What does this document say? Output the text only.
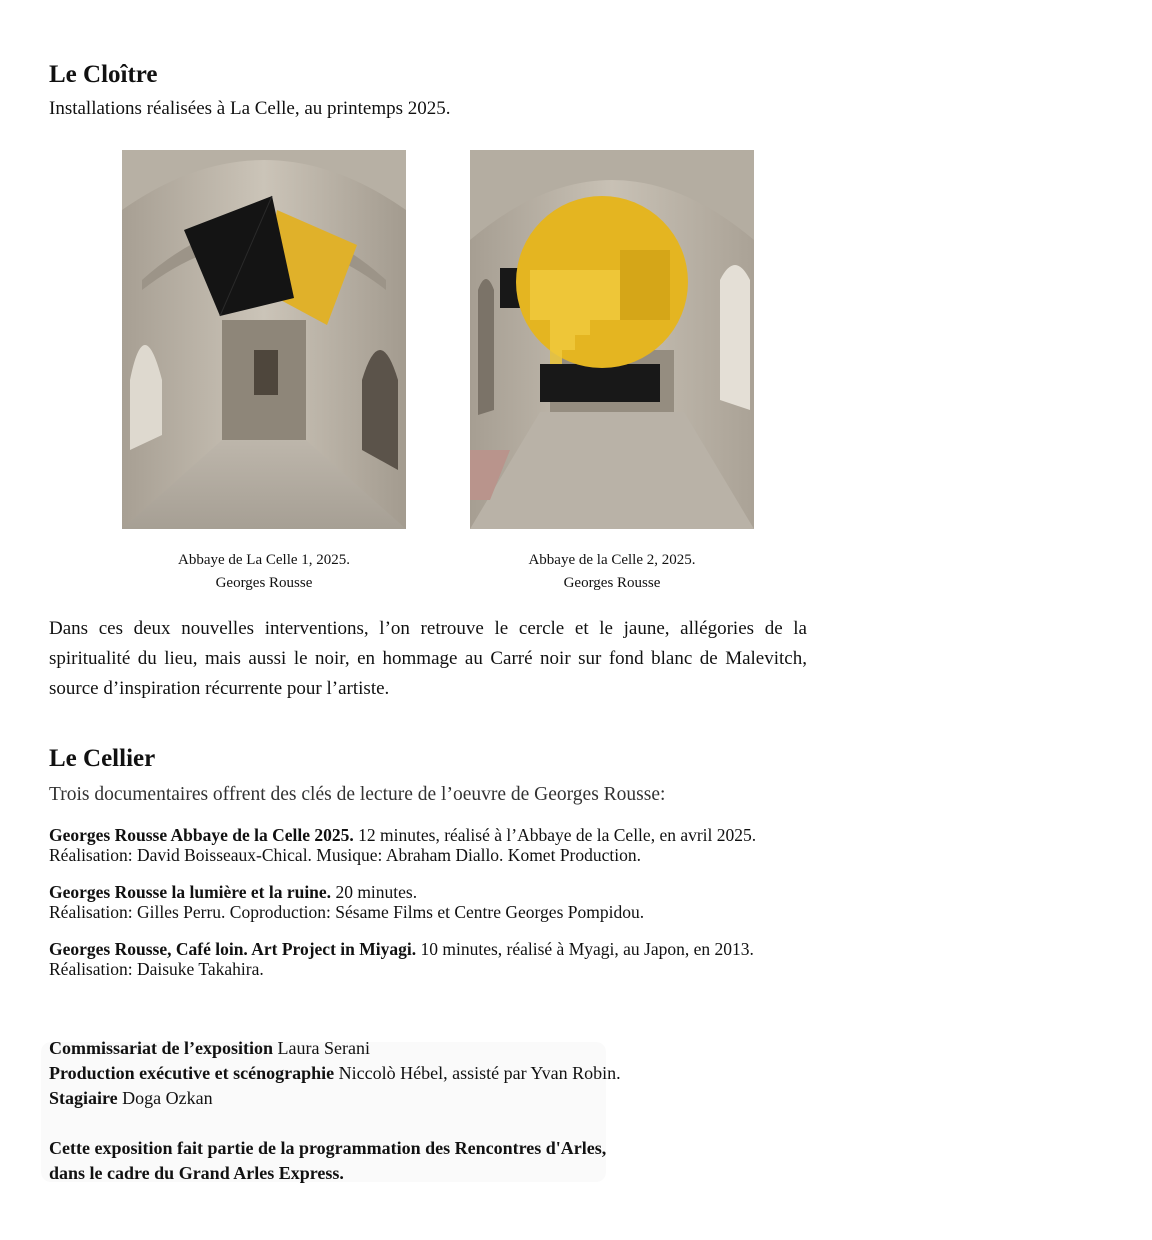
Le Cloître
Installations réalisées à La Celle, au printemps 2025.
Abbaye de La Celle 1, 2025.
Georges Rousse
Abbaye de la Celle 2, 2025.
Georges Rousse
Dans ces deux nouvelles interventions, l’on retrouve le cercle et le jaune, allégories de la spiritualité du lieu, mais aussi le noir, en hommage au Carré noir sur fond blanc de Malevitch, source d’inspiration récurrente pour l’artiste.
Le Cellier
Trois documentaires offrent des clés de lecture de l’oeuvre de Georges Rousse:
Georges Rousse Abbaye de la Celle 2025. 12 minutes, réalisé à l’Abbaye de la Celle, en avril 2025.
Réalisation: David Boisseaux-Chical. Musique: Abraham Diallo. Komet Production.
Georges Rousse la lumière et la ruine. 20 minutes.
Réalisation: Gilles Perru. Coproduction: Sésame Films et Centre Georges Pompidou.
Georges Rousse, Café loin. Art Project in Miyagi. 10 minutes, réalisé à Myagi, au Japon, en 2013.
Réalisation: Daisuke Takahira.
Commissariat de l’exposition Laura Serani
Production exécutive et scénographie Niccolò Hébel, assisté par Yvan Robin.
Stagiaire Doga Ozkan
Cette exposition fait partie de la programmation des Rencontres d'Arles,
dans le cadre du Grand Arles Express.
